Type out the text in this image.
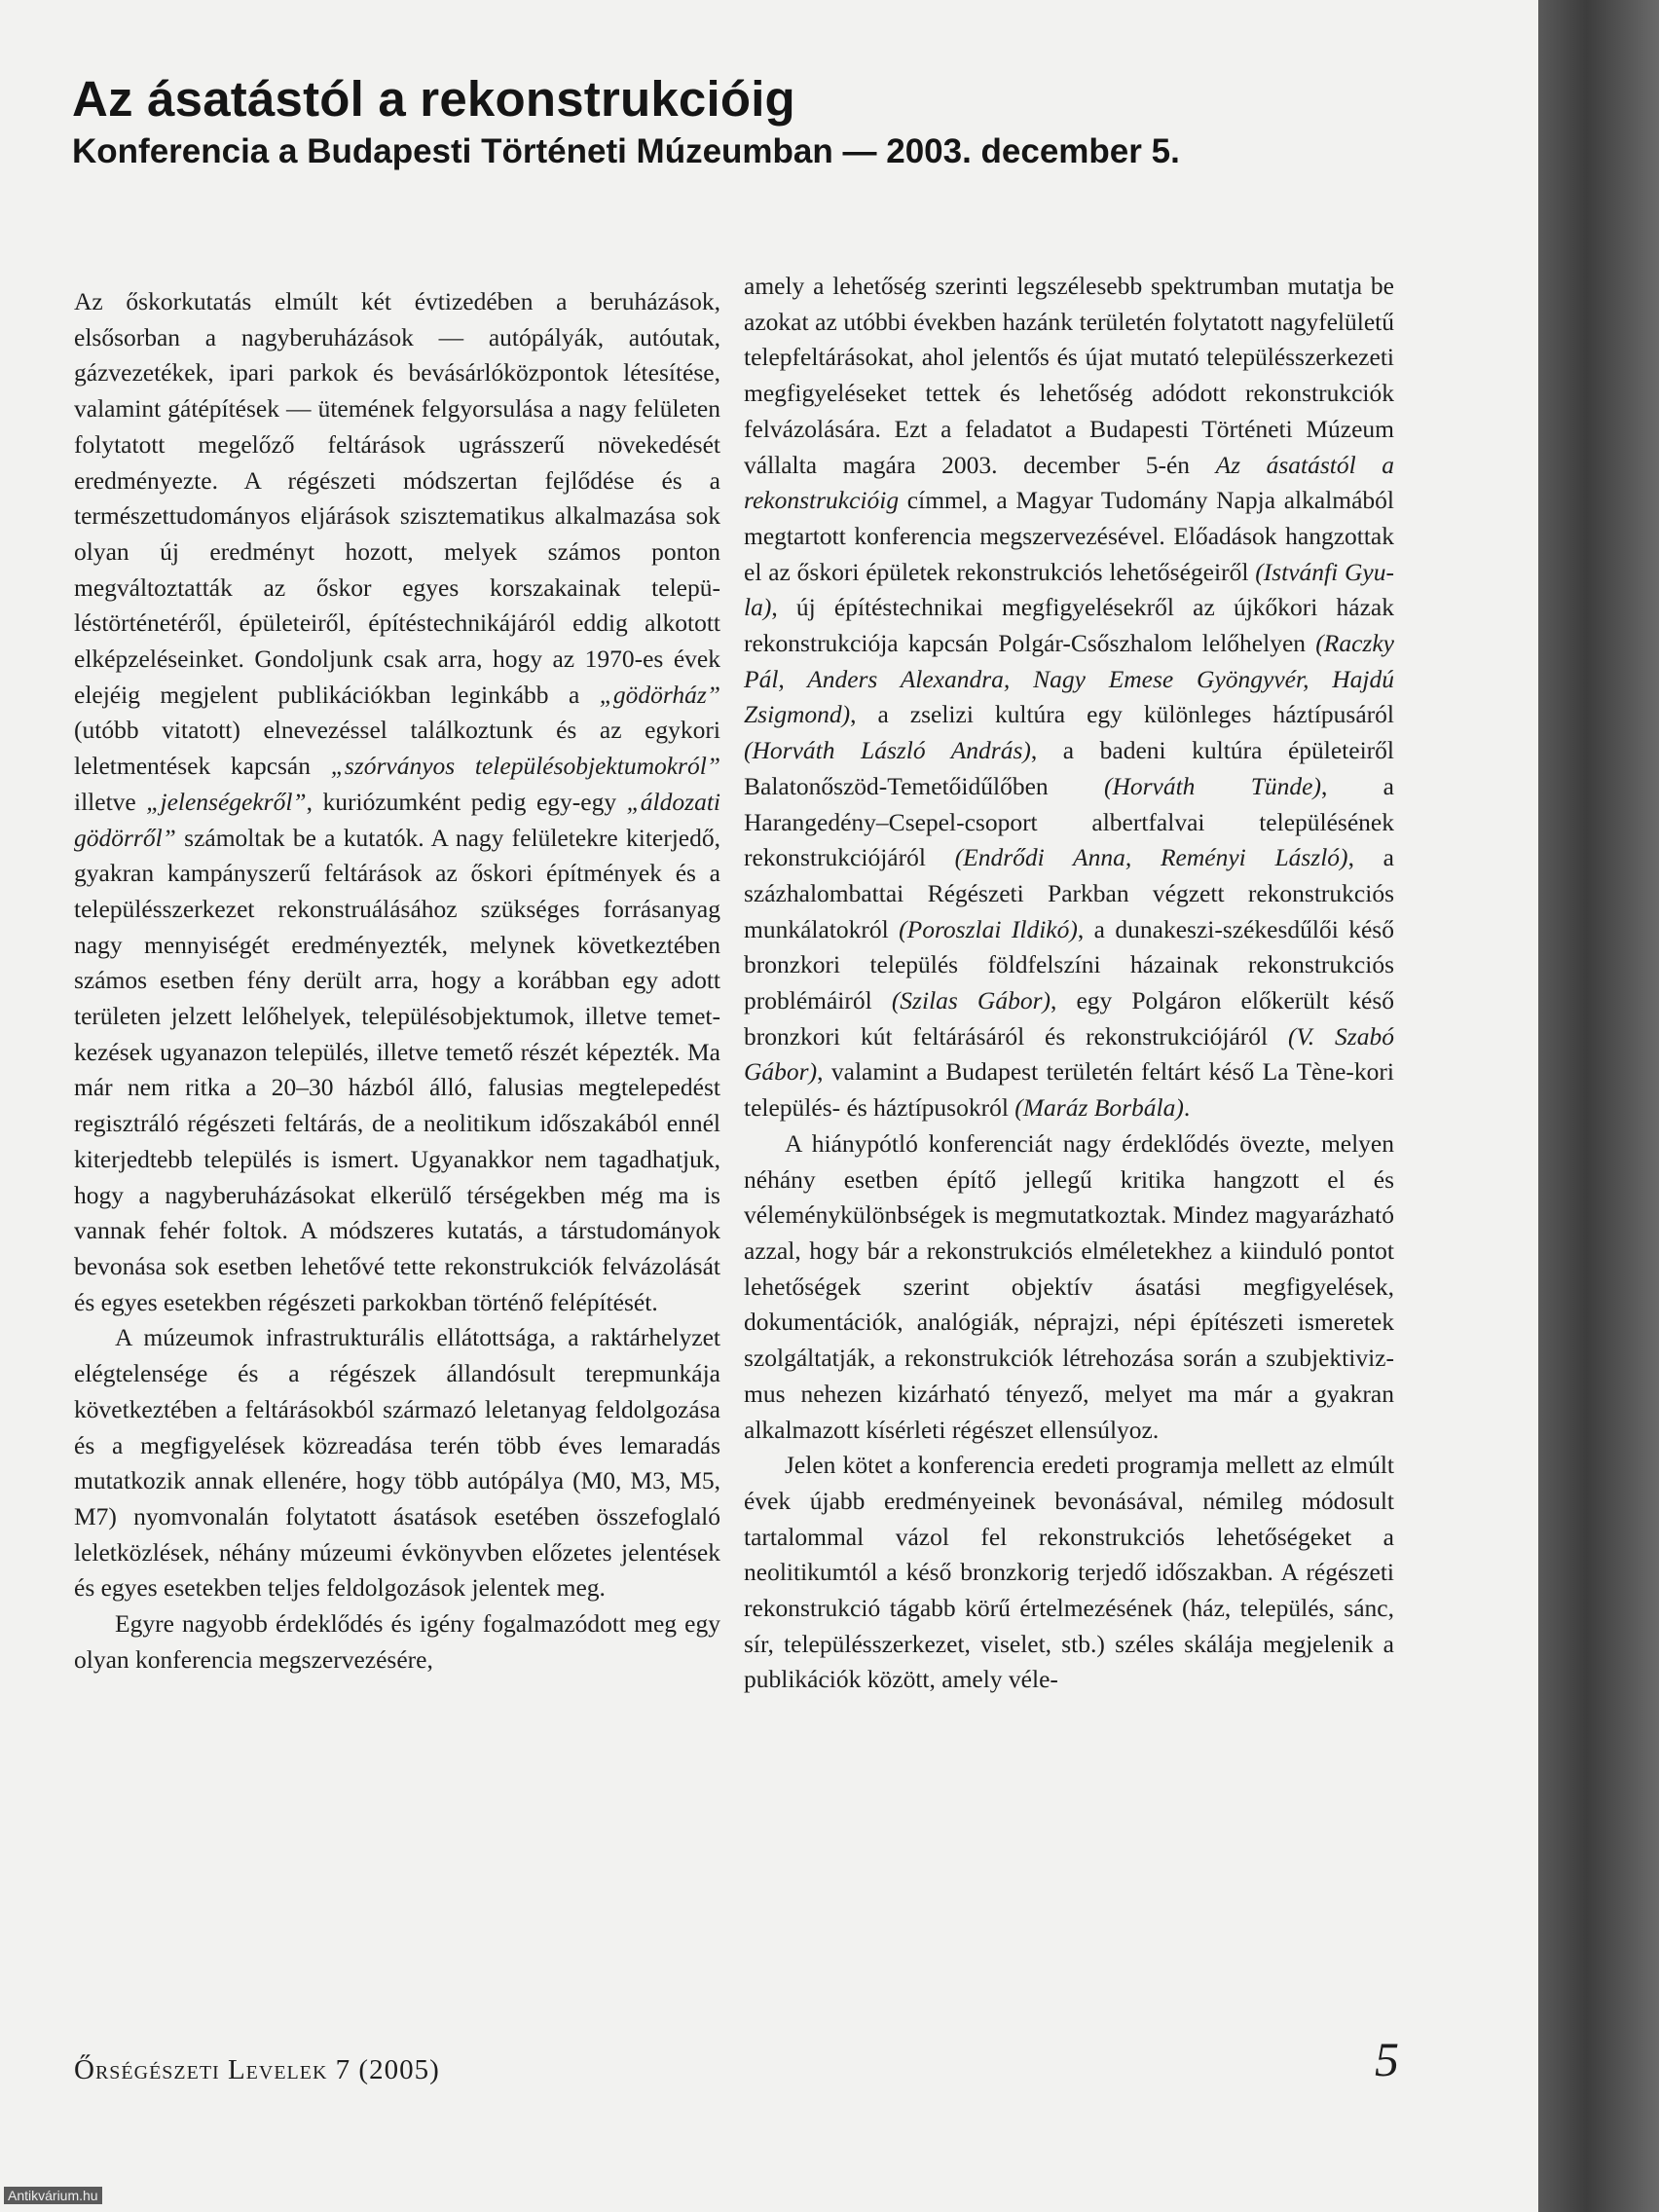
Az ásatástól a rekonstrukcióig
Konferencia a Budapesti Történeti Múzeumban — 2003. december 5.

Az őskorkutatás elmúlt két évtizedében a beruházások, elsősorban a nagyberuházások — autópályák, autóutak, gázvezetékek, ipari parkok és bevásárlóközpontok létesítése, valamint gátépítések — ütemének felgyorsulása a nagy felületen folytatott megelőző feltárások ugrásszerű növekedését eredményezte. A régészeti módszertan fejlődése és a természettudományos eljárások szisztematikus alkalmazása sok olyan új eredményt hozott, melyek számos ponton megváltoztatták az őskor egyes korszakainak településtörténetéről, épületeiről, építéstechnikájáról eddig alkotott elképzeléseinket. Gondoljunk csak arra, hogy az 1970-es évek elejéig megjelent publikációkban leginkább a „gödörház” (utóbb vitatott) elnevezéssel találkoztunk és az egykori leletmentések kapcsán „szórványos településobjektumokról” illetve „jelenségekről”, kuriózumként pedig egy-egy „áldozati gödörről” számoltak be a kutatók. A nagy felületekre kiterjedő, gyakran kampányszerű feltárások az őskori építmények és a településszerkezet rekonstruálásához szükséges forrásanyag nagy mennyiségét eredményezték, melynek következtében számos esetben fény derült arra, hogy a korábban egy adott területen jelzett lelőhelyek, településobjektumok, illetve temetkezések ugyanazon település, illetve temető részét képezték. Ma már nem ritka a 20–30 házból álló, falusias megtelepedést regisztráló régészeti feltárás, de a neolitikum időszakából ennél kiterjedtebb település is ismert. Ugyanakkor nem tagadhatjuk, hogy a nagyberuházásokat elkerülő térségekben még ma is vannak fehér foltok. A módszeres kutatás, a társtudományok bevonása sok esetben lehetővé tette rekonstrukciók felvázolását és egyes esetekben régészeti parkokban történő felépítését.

A múzeumok infrastrukturális ellátottsága, a raktárhelyzet elégtelensége és a régészek állandósult terepmunkája következtében a feltárásokból származó leletanyag feldolgozása és a megfigyelések közreadása terén több éves lemaradás mutatkozik annak ellenére, hogy több autópálya (M0, M3, M5, M7) nyomvonalán folytatott ásatások esetében összefoglaló leletközlések, néhány múzeumi évkönyvben előzetes jelentések és egyes esetekben teljes feldolgozások jelentek meg.

Egyre nagyobb érdeklődés és igény fogalmazódott meg egy olyan konferencia megszervezésére,

amely a lehetőség szerinti legszélesebb spektrumban mutatja be azokat az utóbbi években hazánk területén folytatott nagyfelületű telepfeltárásokat, ahol jelentős és újat mutató településszerkezeti megfigyeléseket tettek és lehetőség adódott rekonstrukciók felvázolására. Ezt a feladatot a Budapesti Történeti Múzeum vállalta magára 2003. december 5-én Az ásatástól a rekonstrukcióig címmel, a Magyar Tudomány Napja alkalmából megtartott konferencia megszervezésével. Előadások hangzottak el az őskori épületek rekonstrukciós lehetőségeiről (Istvánfi Gyula), új építéstechnikai megfigyelésekről az újkőkori házak rekonstrukciója kapcsán Polgár-Csőszhalom lelőhelyen (Raczky Pál, Anders Alexandra, Nagy Emese Gyöngyvér, Hajdú Zsigmond), a zselizi kultúra egy különleges háztípusáról (Horváth László András), a badeni kultúra épületeiről Balatonőszöd-Temetőidűlőben (Horváth Tünde), a Harangedény–Csepel-csoport albertfalvai településének rekonstrukciójáról (Endrődi Anna, Reményi László), a százhalombattai Régészeti Parkban végzett rekonstrukciós munkálatokról (Poroszlai Ildikó), a dunakeszi-székesdűlői késő bronzkori település földfelszíni házainak rekonstrukciós problémáiról (Szilas Gábor), egy Polgáron előkerült késő bronzkori kút feltárásáról és rekonstrukciójáról (V. Szabó Gábor), valamint a Budapest területén feltárt késő La Tène-kori település- és háztípusokról (Maráz Borbála).

A hiánypótló konferenciát nagy érdeklődés övezte, melyen néhány esetben építő jellegű kritika hangzott el és véleménykülönbségek is megmutatkoztak. Mindez magyarázható azzal, hogy bár a rekonstrukciós elméletekhez a kiinduló pontot lehetőségek szerint objektív ásatási megfigyelések, dokumentációk, analógiák, néprajzi, népi építészeti ismeretek szolgáltatják, a rekonstrukciók létrehozása során a szubjektivizmus nehezen kizárható tényező, melyet ma már a gyakran alkalmazott kísérleti régészet ellensúlyoz.

Jelen kötet a konferencia eredeti programja mellett az elmúlt évek újabb eredményeinek bevonásával, némileg módosult tartalommal vázol fel rekonstrukciós lehetőségeket a neolitikumtól a késő bronzkorig terjedő időszakban. A régészeti rekonstrukció tágabb körű értelmezésének (ház, település, sánc, sír, településszerkezet, viselet, stb.) széles skálája megjelenik a publikációk között, amely véle-

Őrségészeti Levelek 7 (2005)	5
Antikvárium.hu
